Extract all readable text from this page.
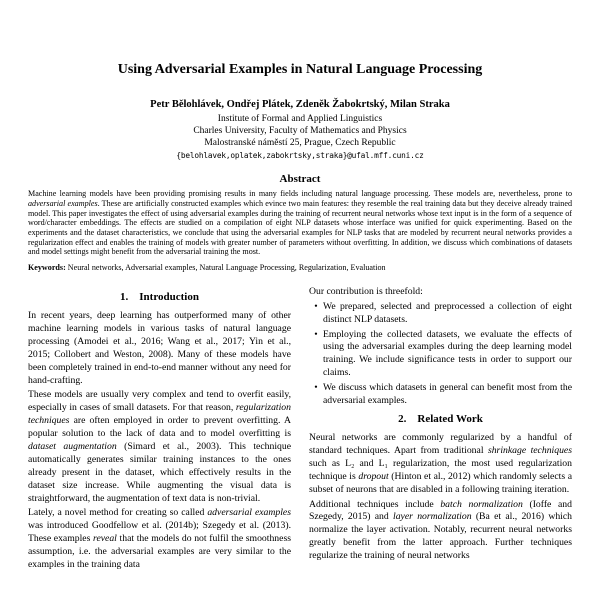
Using Adversarial Examples in Natural Language Processing
Petr Bělohlávek, Ondřej Plátek, Zdeněk Žabokrtský, Milan Straka
Institute of Formal and Applied Linguistics
Charles University, Faculty of Mathematics and Physics
Malostranské náměstí 25, Prague, Czech Republic
{belohlavek,oplatek,zabokrtsky,straka}@ufal.mff.cuni.cz
Abstract

Machine learning models have been providing promising results in many fields including natural language processing. These models are, nevertheless, prone to adversarial examples. These are artificially constructed examples which evince two main features: they resemble the real training data but they deceive already trained model. This paper investigates the effect of using adversarial examples during the training of recurrent neural networks whose text input is in the form of a sequence of word/character embeddings. The effects are studied on a compilation of eight NLP datasets whose interface was unified for quick experimenting. Based on the experiments and the dataset characteristics, we conclude that using the adversarial examples for NLP tasks that are modeled by recurrent neural networks provides a regularization effect and enables the training of models with greater number of parameters without overfitting. In addition, we discuss which combinations of datasets and model settings might benefit from the adversarial training the most.

Keywords: Neural networks, Adversarial examples, Natural Language Processing, Regularization, Evaluation

1. Introduction

In recent years, deep learning has outperformed many of other machine learning models in various tasks of natural language processing (Amodei et al., 2016; Wang et al., 2017; Yin et al., 2015; Collobert and Weston, 2008). Many of these models have been completely trained in end-to-end manner without any need for hand-crafting.

These models are usually very complex and tend to overfit easily, especially in cases of small datasets. For that reason, regularization techniques are often employed in order to prevent overfitting. A popular solution to the lack of data and to model overfitting is dataset augmentation (Simard et al., 2003). This technique automatically generates similar training instances to the ones already present in the dataset, which effectively results in the dataset size increase. While augmenting the visual data is straightforward, the augmentation of text data is non-trivial.

Lately, a novel method for creating so called adversarial examples was introduced Goodfellow et al. (2014b); Szegedy et al. (2013). These examples reveal that the models do not fulfil the smoothness assumption, i.e. the adversarial examples are very similar to the examples in the training data

Our contribution is threefold:

• We prepared, selected and preprocessed a collection of eight distinct NLP datasets.
• Employing the collected datasets, we evaluate the effects of using the adversarial examples during the deep learning model training. We include significance tests in order to support our claims.
• We discuss which datasets in general can benefit most from the adversarial examples.
2. Related Work

Neural networks are commonly regularized by a handful of standard techniques. Apart from traditional shrinkage techniques such as L₂ and L₁ regularization, the most used regularization technique is dropout (Hinton et al., 2012) which randomly selects a subset of neurons that are disabled in a following training iteration.

Additional techniques include batch normalization (Ioffe and Szegedy, 2015) and layer normalization (Ba et al., 2016) which normalize the layer activation. Notably, recurrent neural networks greatly benefit from the latter approach. Further techniques regularize the training of neural networks
